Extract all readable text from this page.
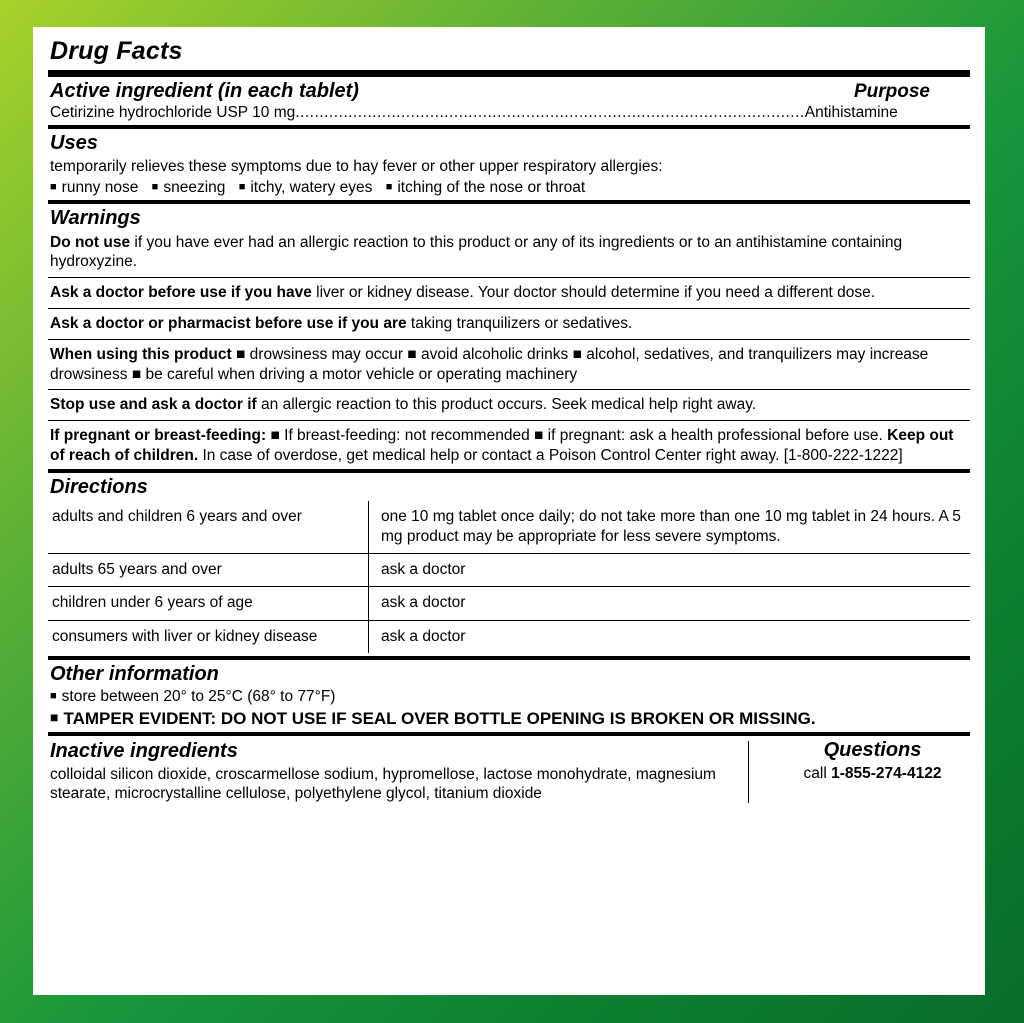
Drug Facts
Active ingredient (in each tablet)	Purpose
Cetirizine hydrochloride USP 10 mg..........................................................................................................Antihistamine
Uses
temporarily relieves these symptoms due to hay fever or other upper respiratory allergies:
■ runny nose ■ sneezing ■ itchy, watery eyes ■ itching of the nose or throat
Warnings
Do not use if you have ever had an allergic reaction to this product or any of its ingredients or to an antihistamine containing hydroxyzine.
Ask a doctor before use if you have liver or kidney disease. Your doctor should determine if you need a different dose.
Ask a doctor or pharmacist before use if you are taking tranquilizers or sedatives.
When using this product ■ drowsiness may occur ■ avoid alcoholic drinks ■ alcohol, sedatives, and tranquilizers may increase drowsiness ■ be careful when driving a motor vehicle or operating machinery
Stop use and ask a doctor if an allergic reaction to this product occurs. Seek medical help right away.
If pregnant or breast-feeding: ■ If breast-feeding: not recommended ■ if pregnant: ask a health professional before use. Keep out of reach of children. In case of overdose, get medical help or contact a Poison Control Center right away. [1-800-222-1222]
Directions
adults and children 6 years and over	one 10 mg tablet once daily; do not take more than one 10 mg tablet in 24 hours. A 5 mg product may be appropriate for less severe symptoms.
adults 65 years and over	ask a doctor
children under 6 years of age	ask a doctor
consumers with liver or kidney disease	ask a doctor
Other information
■ store between 20° to 25°C (68° to 77°F)
■ TAMPER EVIDENT: DO NOT USE IF SEAL OVER BOTTLE OPENING IS BROKEN OR MISSING.
Inactive ingredients
colloidal silicon dioxide, croscarmellose sodium, hypromellose, lactose monohydrate, magnesium stearate, microcrystalline cellulose, polyethylene glycol, titanium dioxide
Questions
call 1-855-274-4122
